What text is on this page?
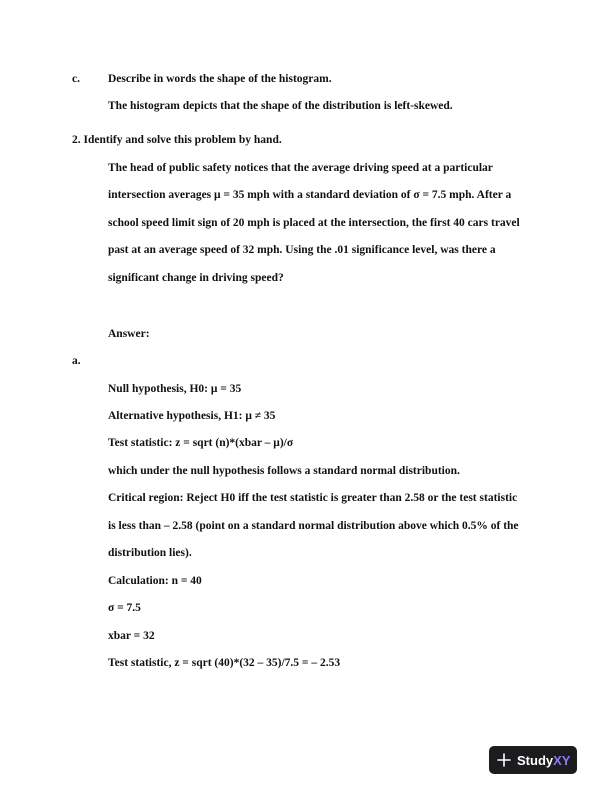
c. Describe in words the shape of the histogram.

The histogram depicts that the shape of the distribution is left-skewed.

2. Identify and solve this problem by hand.

The head of public safety notices that the average driving speed at a particular

intersection averages μ = 35 mph with a standard deviation of σ = 7.5 mph. After a

school speed limit sign of 20 mph is placed at the intersection, the first 40 cars travel

past at an average speed of 32 mph. Using the .01 significance level, was there a

significant change in driving speed?

Answer:

a.

Null hypothesis, H0: μ = 35

Alternative hypothesis, H1: μ ≠ 35

Test statistic: z = sqrt (n)*(xbar – μ)/σ

which under the null hypothesis follows a standard normal distribution.

Critical region: Reject H0 iff the test statistic is greater than 2.58 or the test statistic

is less than – 2.58 (point on a standard normal distribution above which 0.5% of the

distribution lies).

Calculation: n = 40

σ = 7.5

xbar = 32

Test statistic, z = sqrt (40)*(32 – 35)/7.5 = – 2.53

StudyXY
